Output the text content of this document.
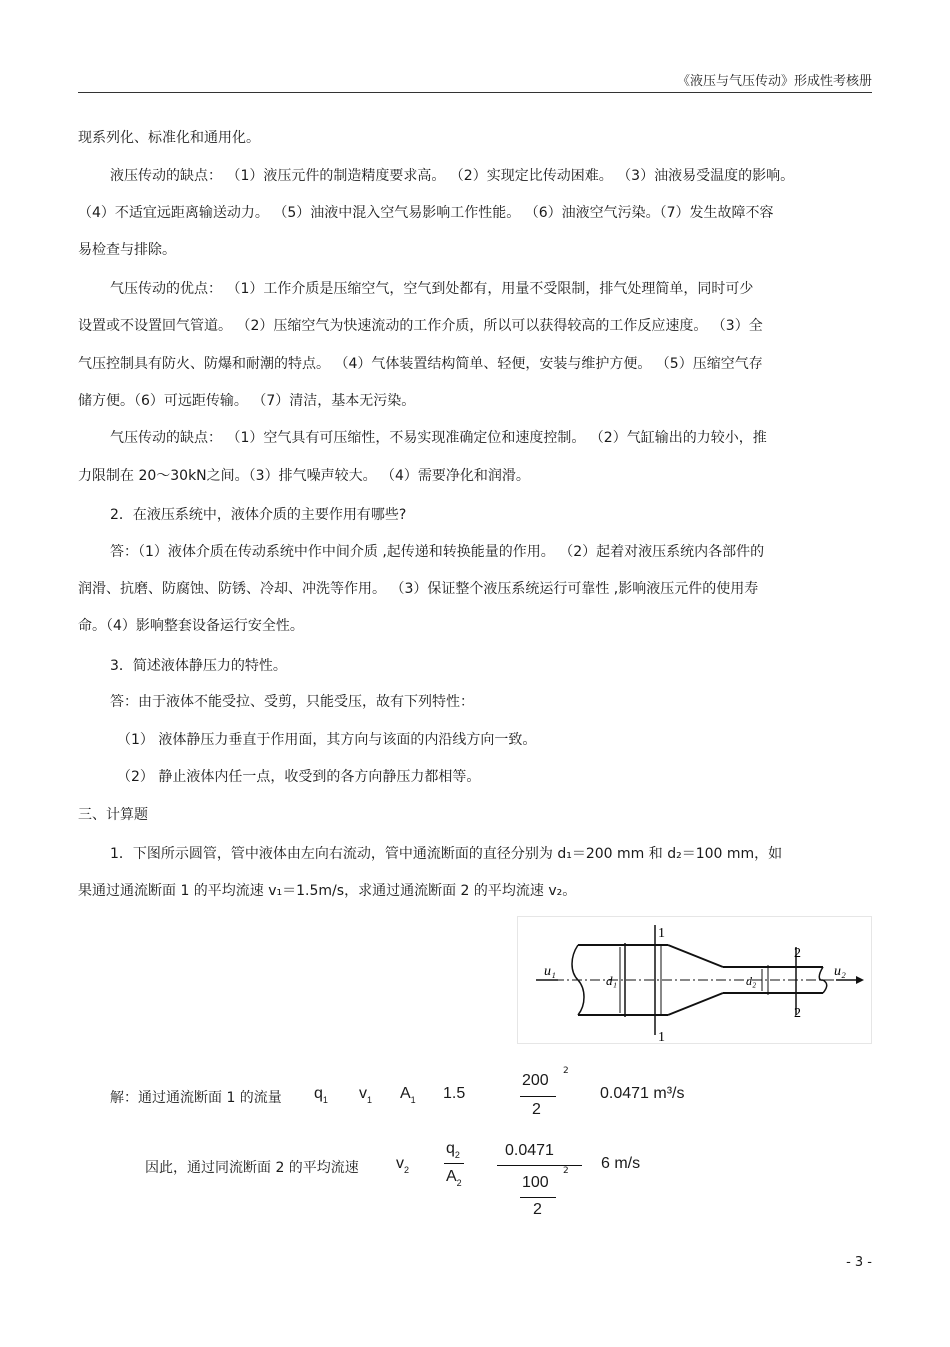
《液压与气压传动》形成性考核册
现系列化、标准化和通用化。
液压传动的缺点： （1）液压元件的制造精度要求高。 （2）实现定比传动困难。 （3）油液易受温度的影响。
（4）不适宜远距离输送动力。 （5）油液中混入空气易影响工作性能。 （6）油液空气污染。（7）发生故障不容
易检查与排除。
气压传动的优点： （1）工作介质是压缩空气，空气到处都有，用量不受限制，排气处理简单，同时可少
设置或不设置回气管道。 （2）压缩空气为快速流动的工作介质，所以可以获得较高的工作反应速度。 （3）全
气压控制具有防火、防爆和耐潮的特点。 （4）气体装置结构简单、轻便，安装与维护方便。 （5）压缩空气存
储方便。（6）可远距传输。 （7）清洁，基本无污染。
气压传动的缺点： （1）空气具有可压缩性，不易实现准确定位和速度控制。 （2）气缸输出的力较小，推
力限制在 20～30kN之间。（3）排气噪声较大。 （4）需要净化和润滑。
2．在液压系统中，液体介质的主要作用有哪些?
答：（1）液体介质在传动系统中作中间介质 ,起传递和转换能量的作用。 （2）起着对液压系统内各部件的
润滑、抗磨、防腐蚀、防锈、冷却、冲洗等作用。 （3）保证整个液压系统运行可靠性 ,影响液压元件的使用寿
命。（4）影响整套设备运行安全性。
3．简述液体静压力的特性。
答：由于液体不能受拉、受剪，只能受压，故有下列特性：
（1） 液体静压力垂直于作用面，其方向与该面的内沿线方向一致。
（2） 静止液体内任一点，收受到的各方向静压力都相等。
三、计算题
1．下图所示圆管，管中液体由左向右流动，管中通流断面的直径分别为 d₁＝200 mm 和 d₂＝100 mm，如
果通过通流断面 1 的平均流速 v₁＝1.5m/s，求通过通流断面 2 的平均流速 v₂。
1
1
2
2
u₁	u₂
d₁	d₂
解：通过通流断面 1 的流量 $q_1$ $v_1$ $A_1$ 1.5
200
2
2
0.0471 m³/s
因此，通过同流断面 2 的平均流速 $v_2$
$q_2$
$A_2$
0.0471
100
2
2 6 m/s
- 3 -
